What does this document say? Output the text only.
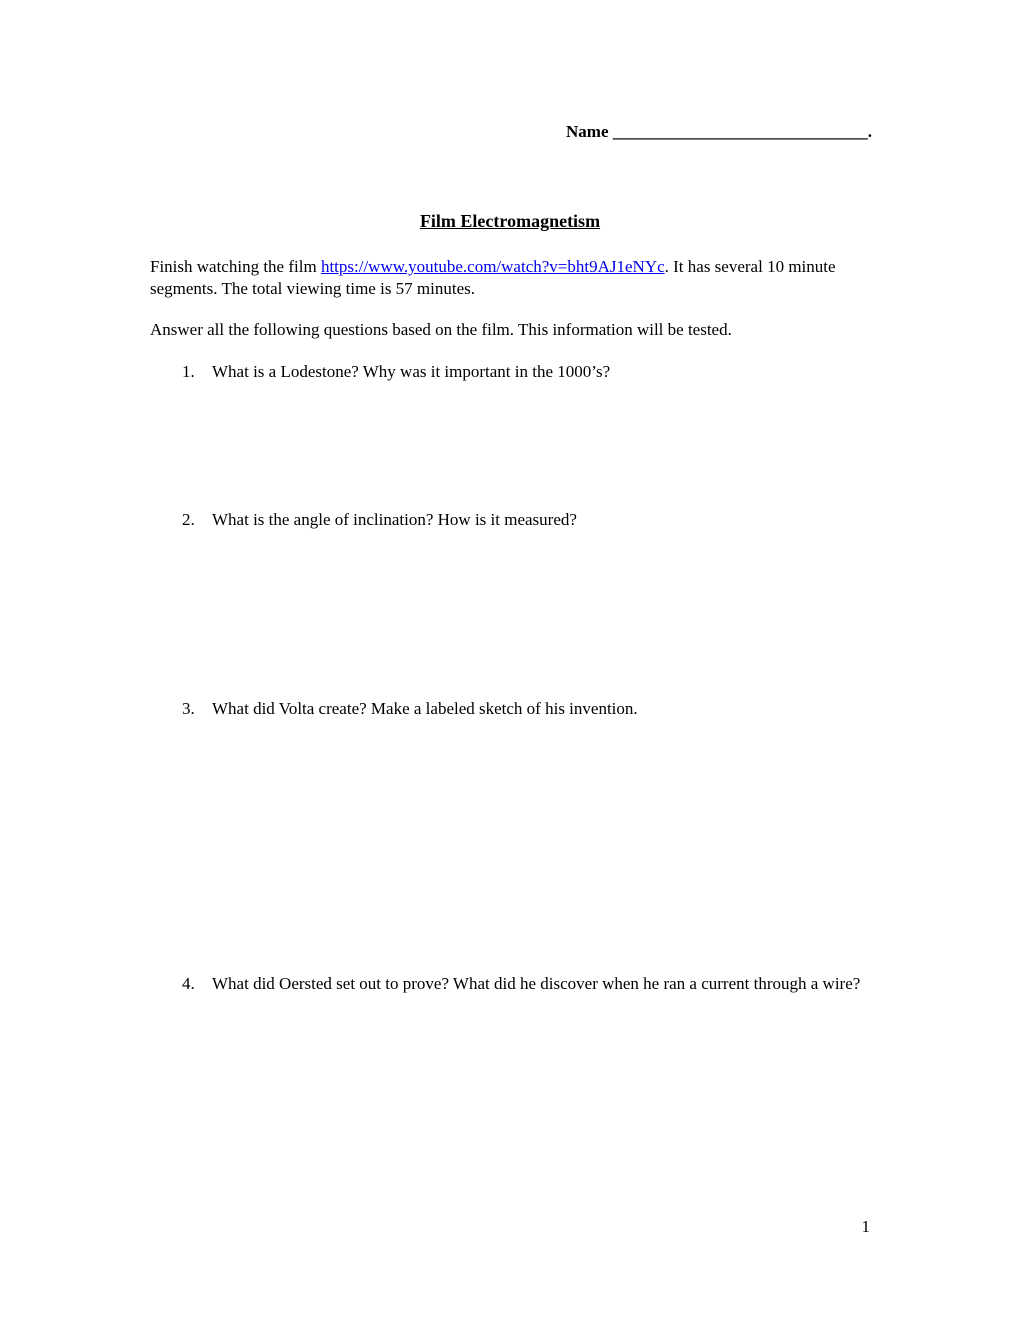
Name ______________________________.
Film Electromagnetism
Finish watching the film https://www.youtube.com/watch?v=bht9AJ1eNYc. It has several 10 minute segments. The total viewing time is 57 minutes.
Answer all the following questions based on the film. This information will be tested.
1.	What is a Lodestone? Why was it important in the 1000’s?
2.	What is the angle of inclination? How is it measured?
3.	What did Volta create? Make a labeled sketch of his invention.
4.	What did Oersted set out to prove? What did he discover when he ran a current through a wire?
1
